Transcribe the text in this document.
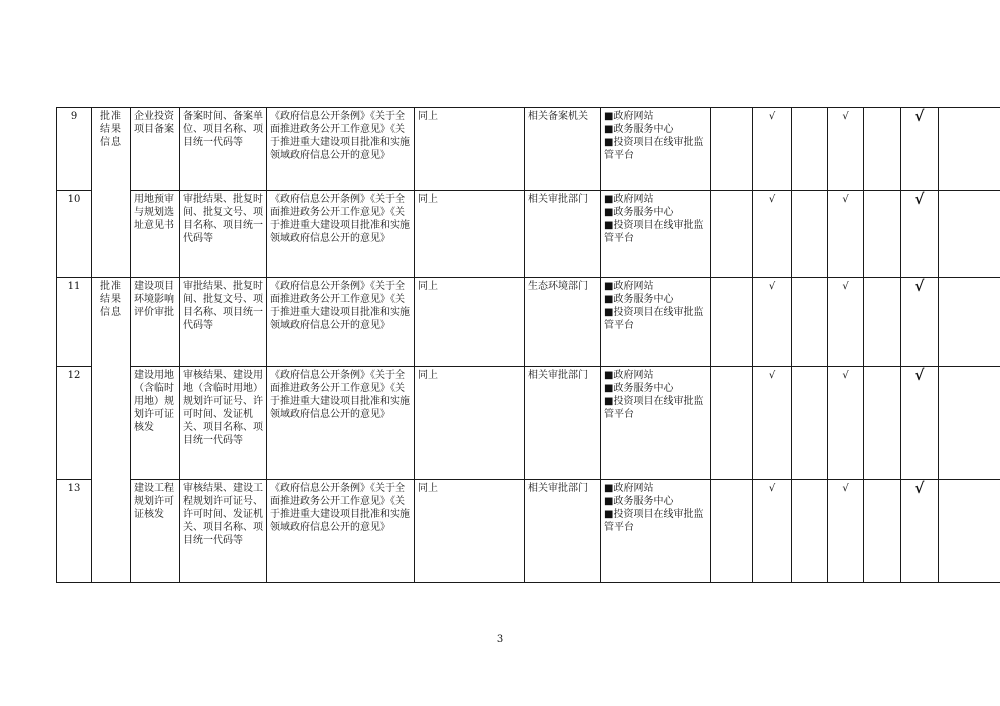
9	批准结果信息	企业投资项目备案	备案时间、备案单位、项目名称、项目统一代码等	《政府信息公开条例》《关于全面推进政务公开工作意见》《关于推进重大建设项目批准和实施领域政府信息公开的意见》	同上	相关备案机关	■政府网站
■政务服务中心
■投资项目在线审批监管平台		√		√		√	
10		用地预审与规划选址意见书	审批结果、批复时间、批复文号、项目名称、项目统一代码等	《政府信息公开条例》《关于全面推进政务公开工作意见》《关于推进重大建设项目批准和实施领域政府信息公开的意见》	同上	相关审批部门	■政府网站
■政务服务中心
■投资项目在线审批监管平台		√		√		√	
11	批准结果信息	建设项目环境影响评价审批	审批结果、批复时间、批复文号、项目名称、项目统一代码等	《政府信息公开条例》《关于全面推进政务公开工作意见》《关于推进重大建设项目批准和实施领域政府信息公开的意见》	同上	生态环境部门	■政府网站
■政务服务中心
■投资项目在线审批监管平台		√		√		√	
12		建设用地（含临时用地）规划许可证核发	审核结果、建设用地（含临时用地）规划许可证号、许可时间、发证机关、项目名称、项目统一代码等	《政府信息公开条例》《关于全面推进政务公开工作意见》《关于推进重大建设项目批准和实施领域政府信息公开的意见》	同上	相关审批部门	■政府网站
■政务服务中心
■投资项目在线审批监管平台		√		√		√	
13		建设工程规划许可证核发	审核结果、建设工程规划许可证号、许可时间、发证机关、项目名称、项目统一代码等	《政府信息公开条例》《关于全面推进政务公开工作意见》《关于推进重大建设项目批准和实施领域政府信息公开的意见》	同上	相关审批部门	■政府网站
■政务服务中心
■投资项目在线审批监管平台		√		√		√	
3
